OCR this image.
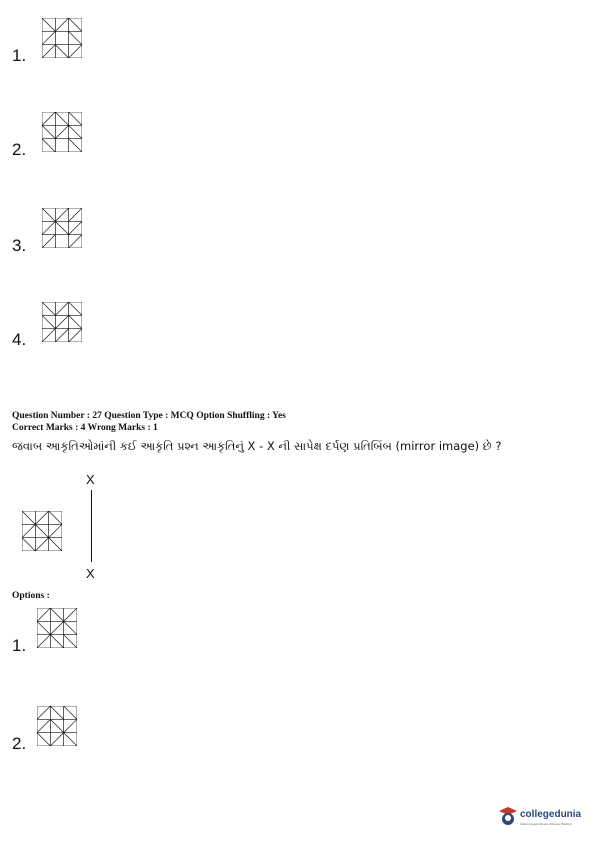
1.
2.
3.
4.
Question Number : 27 Question Type : MCQ Option Shuffling : Yes
Correct Marks : 4 Wrong Marks : 1
જવાબ આકૃતિઓમાંની કઈ આકૃતિ પ્રશ્ન આકૃતિનું X - X ની સાપેક્ષ દર્પણ પ્રતિબિંબ (mirror image) છે ?
X
X
Options :
1.
2.
collegedunia
India's largest Student Review Platform
